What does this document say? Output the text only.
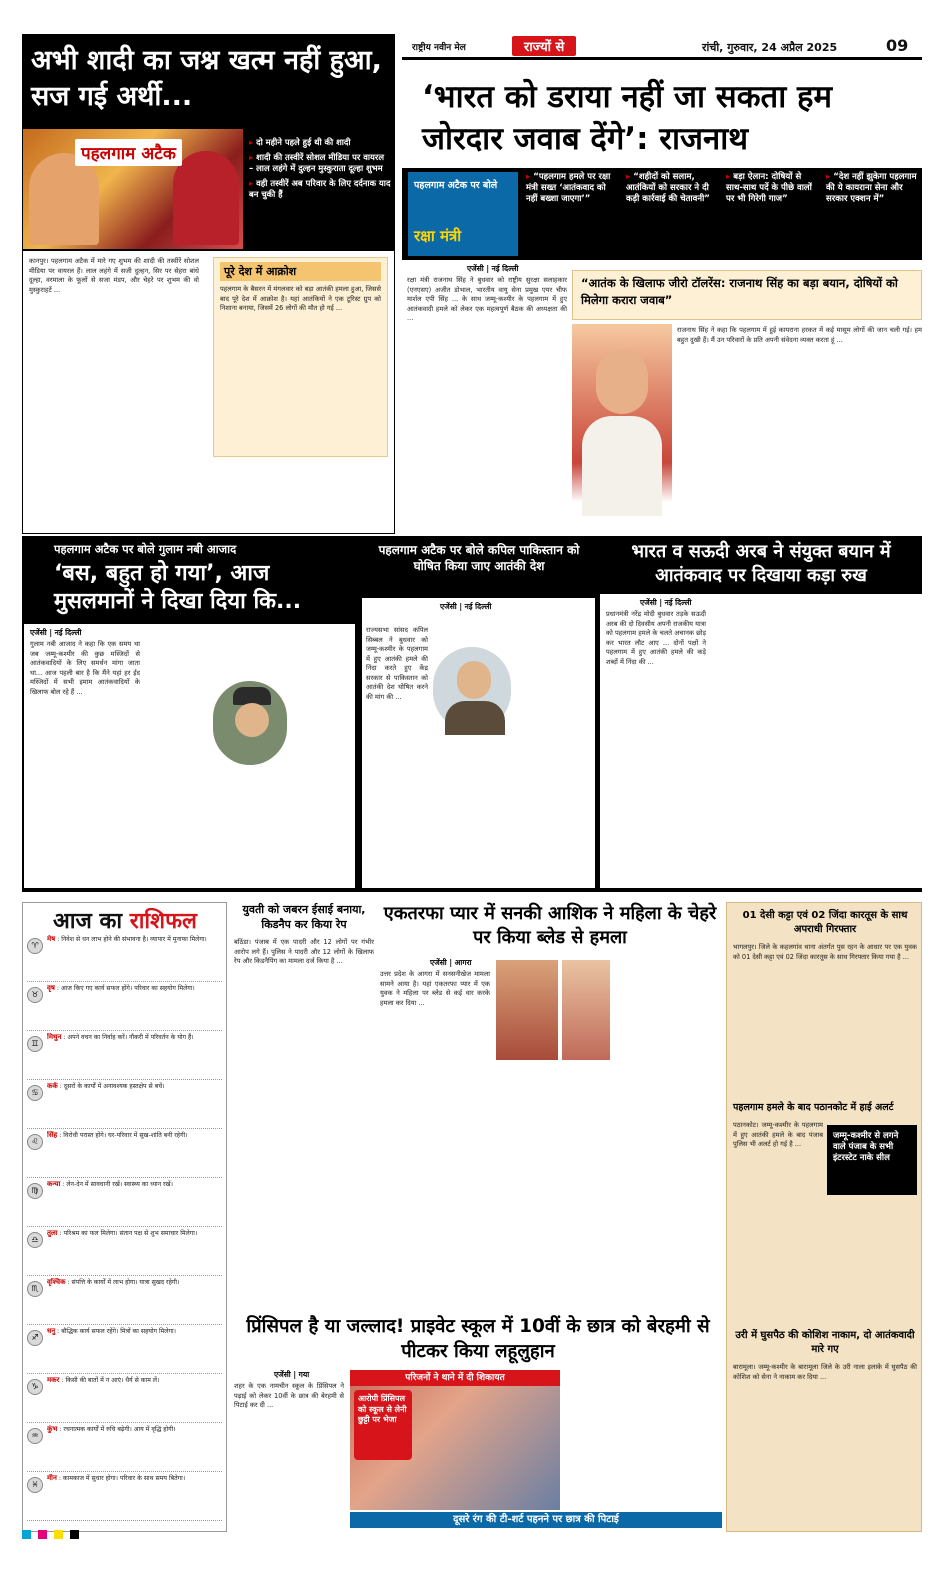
अभी शादी का जश्न खत्म नहीं हुआ, सज गई अर्थी...
पहलगाम अटैक
▸ दो महीने पहले हुई थी की शादी
▸ शादी की तस्वीरें सोशल मीडिया पर वायरल – लाल लहंगे में दुल्हन मुस्कुराता दूल्हा शुभम
▸ वही तस्वीरें अब परिवार के लिए दर्दनाक याद बन चुकी हैं
कानपुर। पहलगाम अटैक में मारे गए शुभम की शादी की तस्वीरें सोशल मीडिया पर वायरल हैं। लाल लहंगे में सजी दुल्हन, सिर पर सेहरा बांधे दूल्हा, वरमाला के फूलों से सजा मंडप, और चेहरे पर शुभम की वो मुस्कुराहटें ...
पूरे देश में आक्रोश
पहलगाम के बैसरन में मंगलवार को बड़ा आतंकी हमला हुआ, जिससे बाद पूरे देश में आक्रोश है। यहां आतंकियों ने एक टूरिस्ट ग्रुप को निशाना बनाया, जिसमें 26 लोगों की मौत हो गई ...
राष्ट्रीय नवीन मेल	राज्यों से	रांची, गुरुवार, 24 अप्रैल 2025	09
‘भारत को डराया नहीं जा सकता हम जोरदार जवाब देंगे’: राजनाथ
पहलगाम अटैक पर बोले
रक्षा मंत्री
▸ “पहलगाम हमले पर रक्षा मंत्री सख्त ‘आतंकवाद को नहीं बख्शा जाएगा’”
▸ “शहीदों को सलाम, आतंकियों को सरकार ने दी कड़ी कार्रवाई की चेतावनी”
▸ बड़ा ऐलान: दोषियों से साथ-साथ पर्दे के पीछे वालों पर भी गिरेगी गाज”
▸ “देश नहीं झुकेगा पहलगाम की ये कायराना सेना और सरकार एक्शन में”
एजेंसी | नई दिल्ली
रक्षा मंत्री राजनाथ सिंह ने बुधवार को राष्ट्रीय सुरक्षा सलाहकार (एनएसए) अजीत डोभाल, भारतीय वायु सेना प्रमुख एयर चीफ मार्शल एपी सिंह ... के साथ जम्मू-कश्मीर के पहलगाम में हुए आतंकवादी हमले को लेकर एक महत्वपूर्ण बैठक की अध्यक्षता की ...
“आतंक के खिलाफ जीरो टॉलरेंस: राजनाथ सिंह का बड़ा बयान, दोषियों को मिलेगा करारा जवाब”
राजनाथ सिंह ने कहा कि पहलगाम में हुई कायराना हरकत में कई मासूम लोगों की जान चली गई। हम बहुत दुखी हैं। मैं उन परिवारों के प्रति अपनी संवेदना व्यक्त करता हूं ...
पहलगाम अटैक पर बोले गुलाम नबी आजाद
‘बस, बहुत हो गया’, आज मुसलमानों ने दिखा दिया कि...
एजेंसी | नई दिल्ली
गुलाम नबी आजाद ने कहा कि एक समय था जब जम्मू-कश्मीर की कुछ मस्जिदों से आतंकवादियों के लिए समर्थन मांगा जाता था... आज पहली बार है कि मैंने यहां हर ईद मस्जिदों में सभी इमाम आतंकवादियों के खिलाफ बोल रहे हैं ...
पहलगाम अटैक पर बोले कपिल पाकिस्तान को घोषित किया जाए आतंकी देश
एजेंसी | नई दिल्ली
राज्यसभा सांसद कपिल सिब्बल ने बुधवार को जम्मू-कश्मीर के पहलगाम में हुए आतंकी हमले की निंदा करते हुए केंद्र सरकार से पाकिस्तान को आतंकी देश घोषित करने की मांग की ...
भारत व सऊदी अरब ने संयुक्त बयान में आतंकवाद पर दिखाया कड़ा रुख
एजेंसी | नई दिल्ली
प्रधानमंत्री नरेंद्र मोदी बुधवार तड़के सऊदी अरब की दो दिवसीय अपनी राजकीय यात्रा को पहलगाम हमले के चलते अचानक छोड़ कर भारत लौट आए ... दोनों पक्षों ने पहलगाम में हुए आतंकी हमले की कड़े शब्दों में निंदा की ...
आज का राशिफल
♈
मेष : निवेश से धन लाभ होने की संभावना है। व्यापार में मुनाफा मिलेगा।
♉
वृष : आज किए गए कार्य सफल होंगे। परिवार का सहयोग मिलेगा।
♊
मिथुन : अपने वचन का निर्वाह करें। नौकरी में परिवर्तन के योग हैं।
♋
कर्क : दूसरों के कार्यों में अनावश्यक हस्तक्षेप से बचें।
♌
सिंह : विरोधी परास्त होंगे। घर-परिवार में सुख-शांति बनी रहेगी।
♍
कन्या : लेन-देन में सावधानी रखें। स्वास्थ्य का ध्यान रखें।
♎
तुला : परिश्रम का फल मिलेगा। संतान पक्ष से शुभ समाचार मिलेगा।
♏
वृश्चिक : संपत्ति के कार्यों में लाभ होगा। यात्रा सुखद रहेगी।
♐
धनु : बौद्धिक कार्य सफल रहेंगे। मित्रों का सहयोग मिलेगा।
♑
मकर : किसी की बातों में न आएं। धैर्य से काम लें।
♒
कुंभ : रचनात्मक कार्यों में रुचि बढ़ेगी। आय में वृद्धि होगी।
♓
मीन : कामकाज में सुधार होगा। परिवार के साथ समय बितेगा।
युवती को जबरन ईसाई बनाया, किडनैप कर किया रेप
बठिंडा। पंजाब में एक पादरी और 12 लोगों पर गंभीर आरोप लगे हैं। पुलिस ने पादरी और 12 लोगों के खिलाफ रेप और किडनैपिंग का मामला दर्ज किया है ...
एकतरफा प्यार में सनकी आशिक ने महिला के चेहरे पर किया ब्लेड से हमला
एजेंसी | आगरा
उत्तर प्रदेश के आगरा में सनसनीखेज मामला सामने आया है। यहां एकतरफा प्यार में एक युवक ने महिला पर ब्लेड से कई वार करके हमला कर दिया ...
01 देसी कट्टा एवं 02 जिंदा कारतूस के साथ अपराधी गिरफ्तार
भागलपुर। जिले के कहलगांव थाना अंतर्गत पुस रहन के आधार पर एक युवक को 01 देसी कट्टा एवं 02 जिंदा कारतूस के साथ गिरफ्तार किया गया है ...
पहलगाम हमले के बाद पठानकोट में हाई अलर्ट
पठानकोट। जम्मू-कश्मीर के पहलगाम में हुए आतंकी हमले के बाद पंजाब पुलिस भी अलर्ट हो गई है ...
जम्मू-कश्मीर से लगने वाले पंजाब के सभी इंटरस्टेट नाके सील
उरी में घुसपैठ की कोशिश नाकाम, दो आतंकवादी मारे गए
बारामूला। जम्मू-कश्मीर के बारामूला जिले के उरी नाला इलाके में घुसपैठ की कोशिश को सेना ने नाकाम कर दिया ...
प्रिंसिपल है या जल्लाद! प्राइवेट स्कूल में 10वीं के छात्र को बेरहमी से पीटकर किया लहूलुहान
एजेंसी | गया
शहर के एक नामचीन स्कूल के प्रिंसिपल ने पढ़ाई को लेकर 10वीं के छात्र की बेरहमी से पिटाई कर दी ...
परिजनों ने थाने में दी शिकायत
आरोपी प्रिंसिपल को स्कूल से लेनी छुट्टी पर भेजा
दूसरे रंग की टी-शर्ट पहनने पर छात्र की पिटाई
